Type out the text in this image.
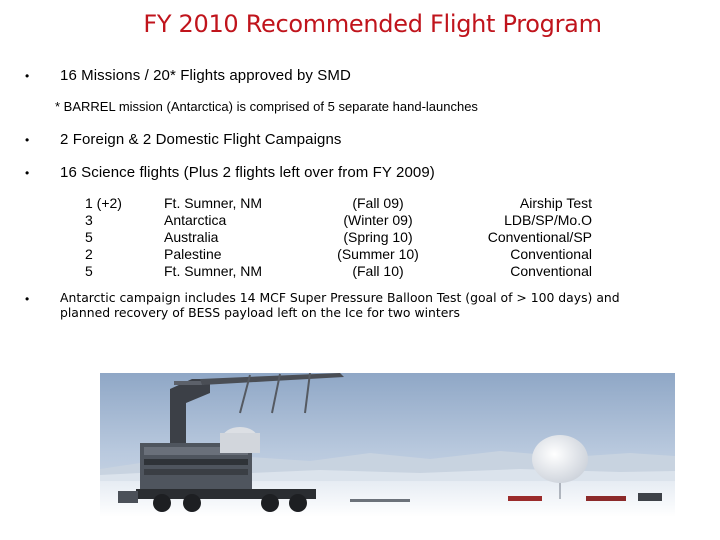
FY 2010 Recommended Flight Program
• 16 Missions / 20* Flights approved by SMD
* BARREL mission (Antarctica) is comprised of 5 separate hand-launches
• 2 Foreign & 2 Domestic Flight Campaigns
• 16 Science flights (Plus 2 flights left over from FY 2009)
1 (+2)	Ft. Sumner, NM	(Fall 09)	Airship Test
3	Antarctica	(Winter 09)	LDB/SP/Mo.O
5	Australia	(Spring 10)	Conventional/SP
2	Palestine	(Summer 10)	Conventional
5	Ft. Sumner, NM	(Fall 10)	Conventional
• Antarctic campaign includes 14 MCF Super Pressure Balloon Test (goal of > 100 days) and planned recovery of BESS payload left on the Ice for two winters
